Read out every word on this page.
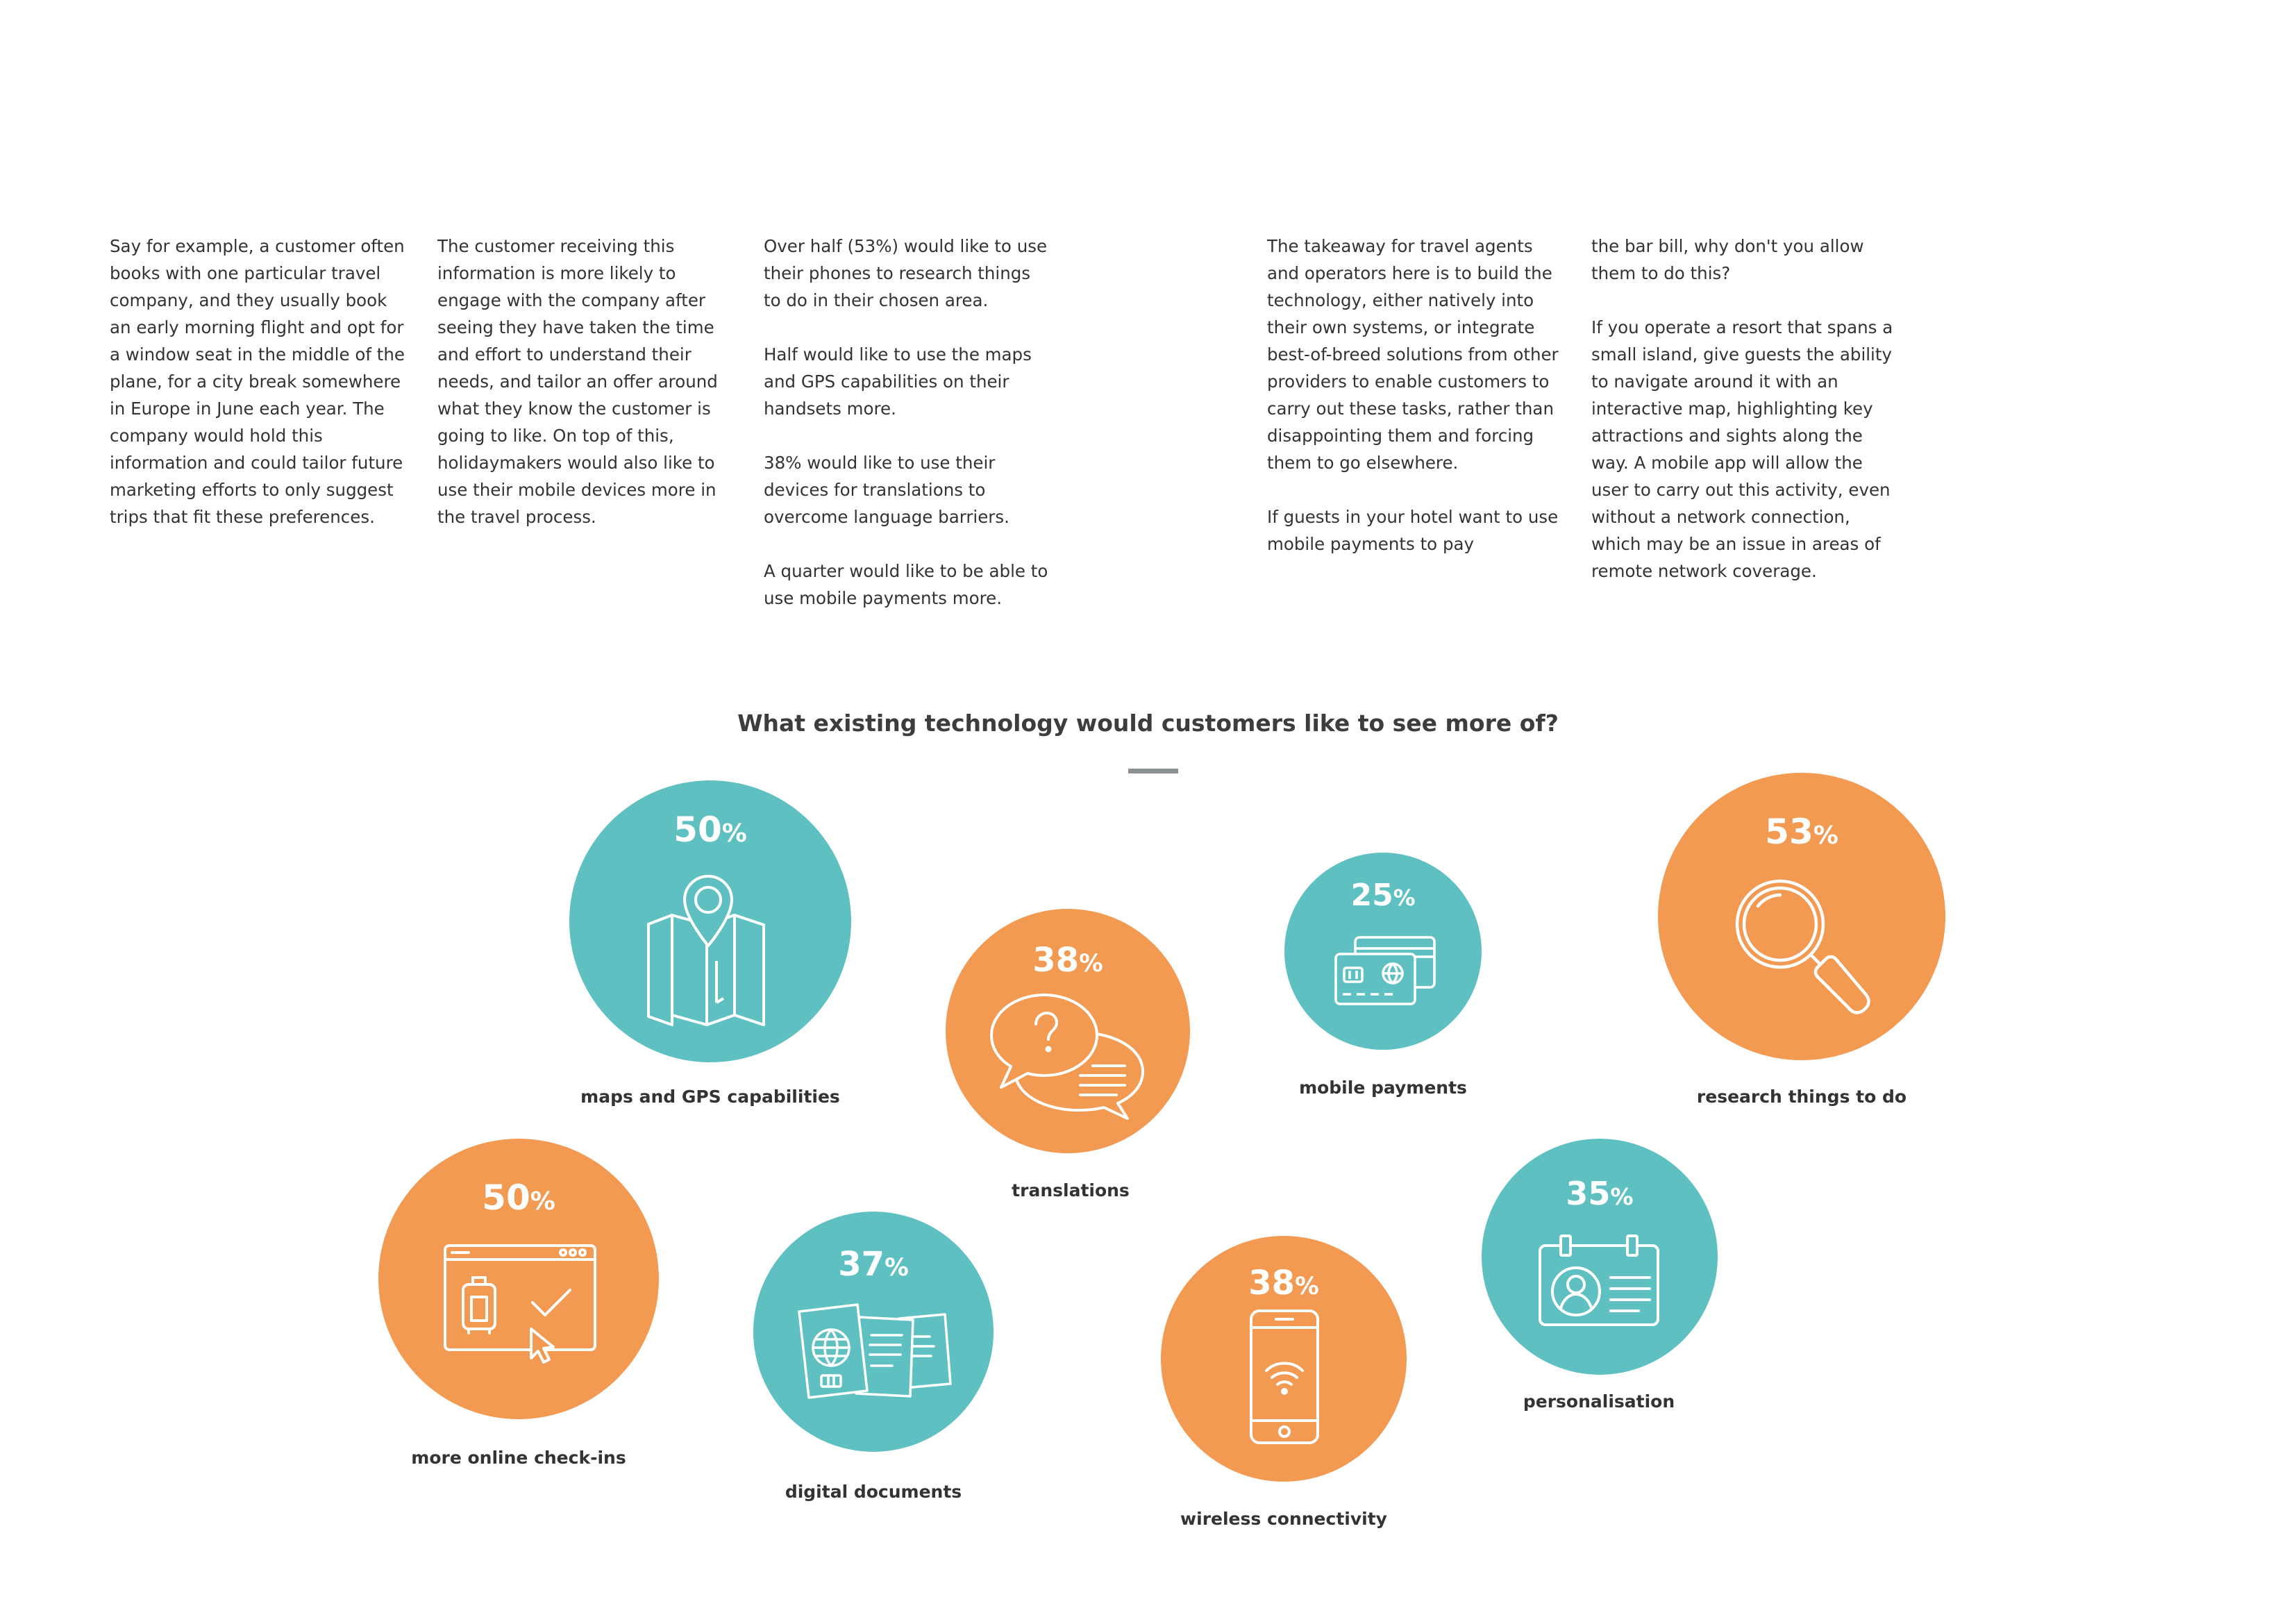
Say for example, a customer often books with one particular travel company, and they usually book an early morning flight and opt for a window seat in the middle of the plane, for a city break somewhere in Europe in June each year. The company would hold this information and could tailor future marketing efforts to only suggest trips that fit these preferences.

The customer receiving this information is more likely to engage with the company after seeing they have taken the time and effort to understand their needs, and tailor an offer around what they know the customer is going to like. On top of this, holidaymakers would also like to use their mobile devices more in the travel process.

Over half (53%) would like to use their phones to research things to do in their chosen area.

Half would like to use the maps and GPS capabilities on their handsets more.

38% would like to use their devices for translations to overcome language barriers.

A quarter would like to be able to use mobile payments more.

The takeaway for travel agents and operators here is to build the technology, either natively into their own systems, or integrate best-of-breed solutions from other providers to enable customers to carry out these tasks, rather than disappointing them and forcing them to go elsewhere.

If guests in your hotel want to use mobile payments to pay

the bar bill, why don't you allow them to do this?

If you operate a resort that spans a small island, give guests the ability to navigate around it with an interactive map, highlighting key attractions and sights along the way. A mobile app will allow the user to carry out this activity, even without a network connection, which may be an issue in areas of remote network coverage.

What existing technology would customers like to see more of?
50%
maps and GPS capabilities
38%
translations
25%
mobile payments
53%
research things to do
50%
more online check-ins
37%
digital documents
38%
wireless connectivity
35%
personalisation
